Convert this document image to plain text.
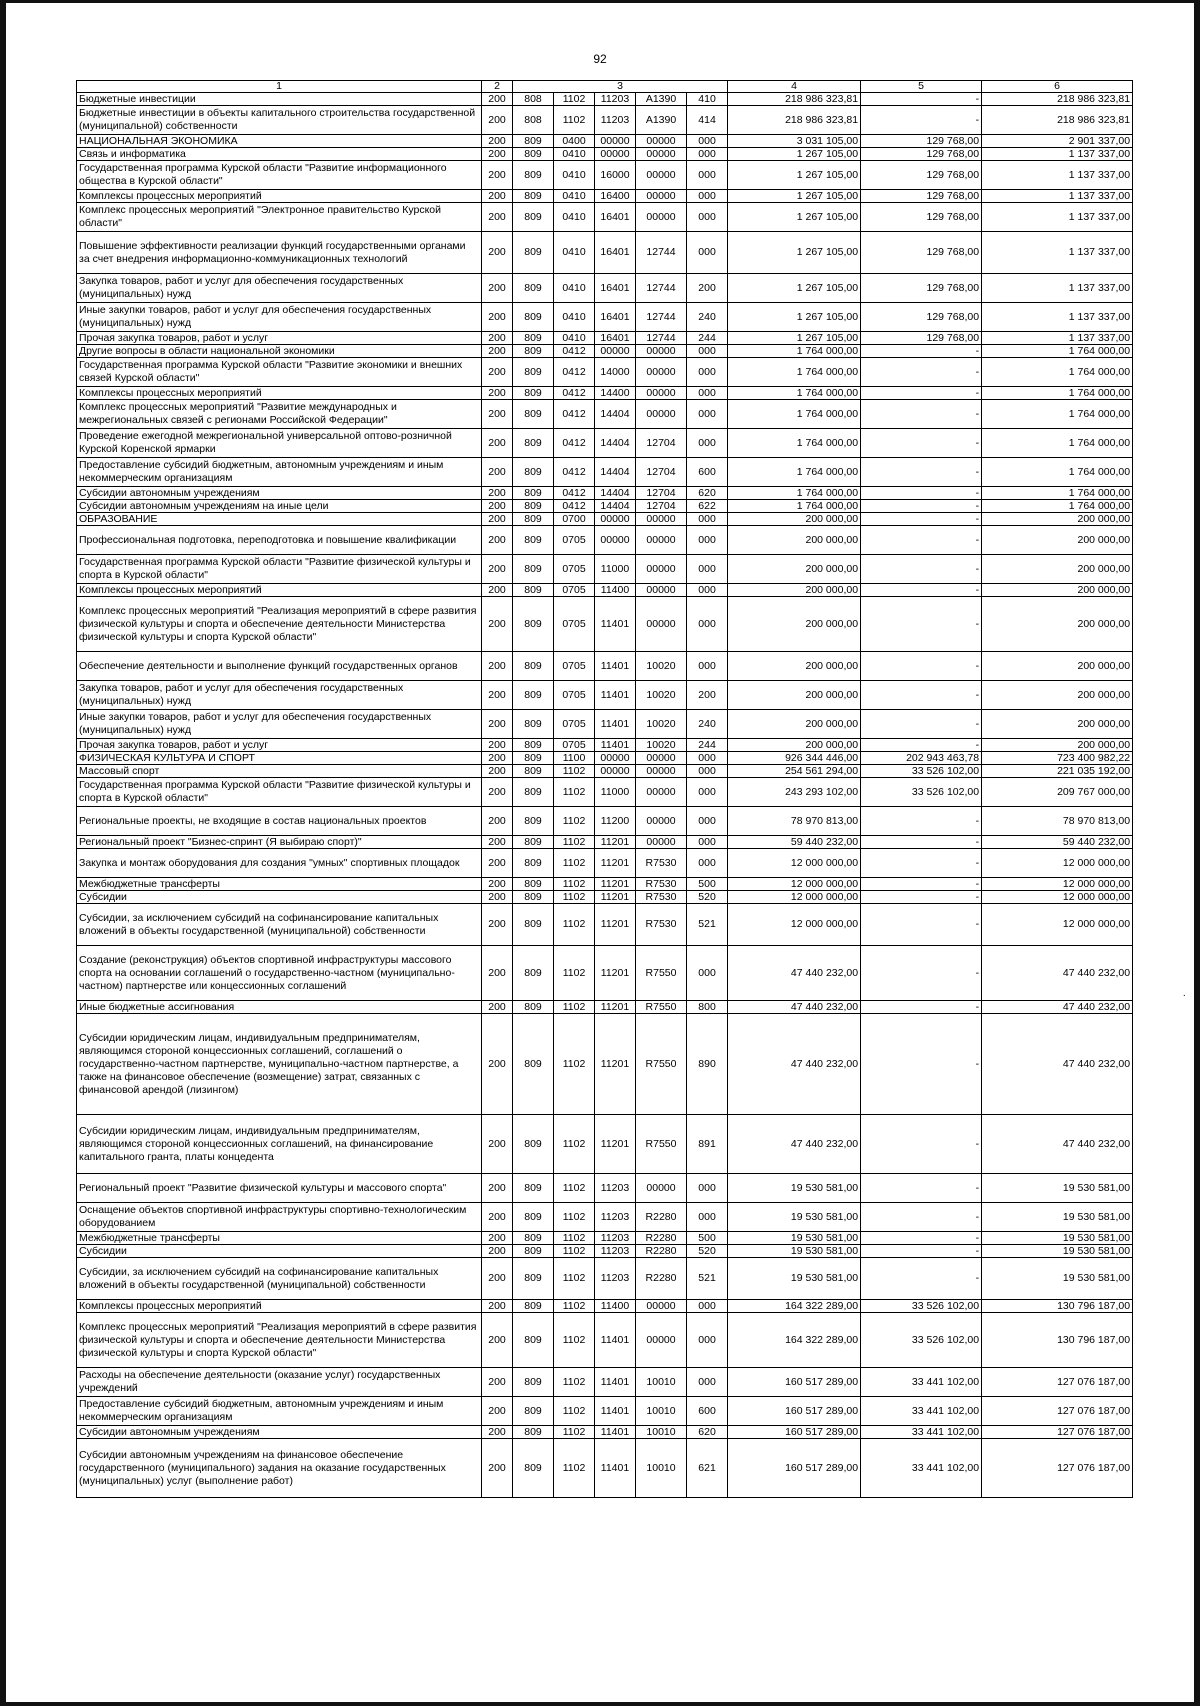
92
1	2	3					4	5	6
Бюджетные инвестиции	200	808	1102	11203	А1390	410	218 986 323,81	-	218 986 323,81
Бюджетные инвестиции в объекты капитального строительства государственной (муниципальной) собственности	200	808	1102	11203	А1390	414	218 986 323,81	-	218 986 323,81
НАЦИОНАЛЬНАЯ ЭКОНОМИКА	200	809	0400	00000	00000	000	3 031 105,00	129 768,00	2 901 337,00
Связь и информатика	200	809	0410	00000	00000	000	1 267 105,00	129 768,00	1 137 337,00
Государственная программа Курской области "Развитие информационного общества в Курской области"	200	809	0410	16000	00000	000	1 267 105,00	129 768,00	1 137 337,00
Комплексы процессных мероприятий	200	809	0410	16400	00000	000	1 267 105,00	129 768,00	1 137 337,00
Комплекс процессных мероприятий "Электронное правительство Курской области"	200	809	0410	16401	00000	000	1 267 105,00	129 768,00	1 137 337,00
Повышение эффективности реализации функций государственными органами за счет внедрения информационно-коммуникационных технологий	200	809	0410	16401	12744	000	1 267 105,00	129 768,00	1 137 337,00
Закупка товаров, работ и услуг для обеспечения государственных (муниципальных) нужд	200	809	0410	16401	12744	200	1 267 105,00	129 768,00	1 137 337,00
Иные закупки товаров, работ и услуг для обеспечения государственных (муниципальных) нужд	200	809	0410	16401	12744	240	1 267 105,00	129 768,00	1 137 337,00
Прочая закупка товаров, работ и услуг	200	809	0410	16401	12744	244	1 267 105,00	129 768,00	1 137 337,00
Другие вопросы в области национальной экономики	200	809	0412	00000	00000	000	1 764 000,00	-	1 764 000,00
Государственная программа Курской области "Развитие экономики и внешних связей Курской области"	200	809	0412	14000	00000	000	1 764 000,00	-	1 764 000,00
Комплексы процессных мероприятий	200	809	0412	14400	00000	000	1 764 000,00	-	1 764 000,00
Комплекс процессных мероприятий "Развитие международных и межрегиональных связей с регионами Российской Федерации"	200	809	0412	14404	00000	000	1 764 000,00	-	1 764 000,00
Проведение ежегодной межрегиональной универсальной оптово-розничной Курской Коренской ярмарки	200	809	0412	14404	12704	000	1 764 000,00	-	1 764 000,00
Предоставление субсидий бюджетным, автономным учреждениям и иным некоммерческим организациям	200	809	0412	14404	12704	600	1 764 000,00	-	1 764 000,00
Субсидии автономным учреждениям	200	809	0412	14404	12704	620	1 764 000,00	-	1 764 000,00
Субсидии автономным учреждениям на иные цели	200	809	0412	14404	12704	622	1 764 000,00	-	1 764 000,00
ОБРАЗОВАНИЕ	200	809	0700	00000	00000	000	200 000,00	-	200 000,00
Профессиональная подготовка, переподготовка и повышение квалификации	200	809	0705	00000	00000	000	200 000,00	-	200 000,00
Государственная программа Курской области "Развитие физической культуры и спорта в Курской области"	200	809	0705	11000	00000	000	200 000,00	-	200 000,00
Комплексы процессных мероприятий	200	809	0705	11400	00000	000	200 000,00	-	200 000,00
Комплекс процессных мероприятий "Реализация мероприятий в сфере развития физической культуры и спорта и обеспечение деятельности Министерства физической культуры и спорта Курской области"	200	809	0705	11401	00000	000	200 000,00	-	200 000,00
Обеспечение деятельности и выполнение функций государственных органов	200	809	0705	11401	10020	000	200 000,00	-	200 000,00
Закупка товаров, работ и услуг для обеспечения государственных (муниципальных) нужд	200	809	0705	11401	10020	200	200 000,00	-	200 000,00
Иные закупки товаров, работ и услуг для обеспечения государственных (муниципальных) нужд	200	809	0705	11401	10020	240	200 000,00	-	200 000,00
Прочая закупка товаров, работ и услуг	200	809	0705	11401	10020	244	200 000,00	-	200 000,00
ФИЗИЧЕСКАЯ КУЛЬТУРА И СПОРТ	200	809	1100	00000	00000	000	926 344 446,00	202 943 463,78	723 400 982,22
Массовый спорт	200	809	1102	00000	00000	000	254 561 294,00	33 526 102,00	221 035 192,00
Государственная программа Курской области "Развитие физической культуры и спорта в Курской области"	200	809	1102	11000	00000	000	243 293 102,00	33 526 102,00	209 767 000,00
Региональные проекты, не входящие в состав национальных проектов	200	809	1102	11200	00000	000	78 970 813,00	-	78 970 813,00
Региональный проект "Бизнес-спринт (Я выбираю спорт)"	200	809	1102	11201	00000	000	59 440 232,00	-	59 440 232,00
Закупка и монтаж оборудования для создания "умных" спортивных площадок	200	809	1102	11201	R7530	000	12 000 000,00	-	12 000 000,00
Межбюджетные трансферты	200	809	1102	11201	R7530	500	12 000 000,00	-	12 000 000,00
Субсидии	200	809	1102	11201	R7530	520	12 000 000,00	-	12 000 000,00
Субсидии, за исключением субсидий на софинансирование капитальных вложений в объекты государственной (муниципальной) собственности	200	809	1102	11201	R7530	521	12 000 000,00	-	12 000 000,00
Создание (реконструкция) объектов спортивной инфраструктуры массового спорта на основании соглашений о государственно-частном (муниципально-частном) партнерстве или концессионных соглашений	200	809	1102	11201	R7550	000	47 440 232,00	-	47 440 232,00
Иные бюджетные ассигнования	200	809	1102	11201	R7550	800	47 440 232,00	-	47 440 232,00
Субсидии юридическим лицам, индивидуальным предпринимателям, являющимся стороной концессионных соглашений, соглашений о государственно-частном партнерстве, муниципально-частном партнерстве, а также на финансовое обеспечение (возмещение) затрат, связанных с финансовой арендой (лизингом)	200	809	1102	11201	R7550	890	47 440 232,00	-	47 440 232,00
Субсидии юридическим лицам, индивидуальным предпринимателям, являющимся стороной концессионных соглашений, на финансирование капитального гранта, платы концедента	200	809	1102	11201	R7550	891	47 440 232,00	-	47 440 232,00
Региональный проект "Развитие физической культуры и массового спорта"	200	809	1102	11203	00000	000	19 530 581,00	-	19 530 581,00
Оснащение объектов спортивной инфраструктуры спортивно-технологическим оборудованием	200	809	1102	11203	R2280	000	19 530 581,00	-	19 530 581,00
Межбюджетные трансферты	200	809	1102	11203	R2280	500	19 530 581,00	-	19 530 581,00
Субсидии	200	809	1102	11203	R2280	520	19 530 581,00	-	19 530 581,00
Субсидии, за исключением субсидий на софинансирование капитальных вложений в объекты государственной (муниципальной) собственности	200	809	1102	11203	R2280	521	19 530 581,00	-	19 530 581,00
Комплексы процессных мероприятий	200	809	1102	11400	00000	000	164 322 289,00	33 526 102,00	130 796 187,00
Комплекс процессных мероприятий "Реализация мероприятий в сфере развития физической культуры и спорта и обеспечение деятельности Министерства физической культуры и спорта Курской области"	200	809	1102	11401	00000	000	164 322 289,00	33 526 102,00	130 796 187,00
Расходы на обеспечение деятельности (оказание услуг) государственных учреждений	200	809	1102	11401	10010	000	160 517 289,00	33 441 102,00	127 076 187,00
Предоставление субсидий бюджетным, автономным учреждениям и иным некоммерческим организациям	200	809	1102	11401	10010	600	160 517 289,00	33 441 102,00	127 076 187,00
Субсидии автономным учреждениям	200	809	1102	11401	10010	620	160 517 289,00	33 441 102,00	127 076 187,00
Субсидии автономным учреждениям на финансовое обеспечение государственного (муниципального) задания на оказание государственных (муниципальных) услуг (выполнение работ)	200	809	1102	11401	10010	621	160 517 289,00	33 441 102,00	127 076 187,00
·
